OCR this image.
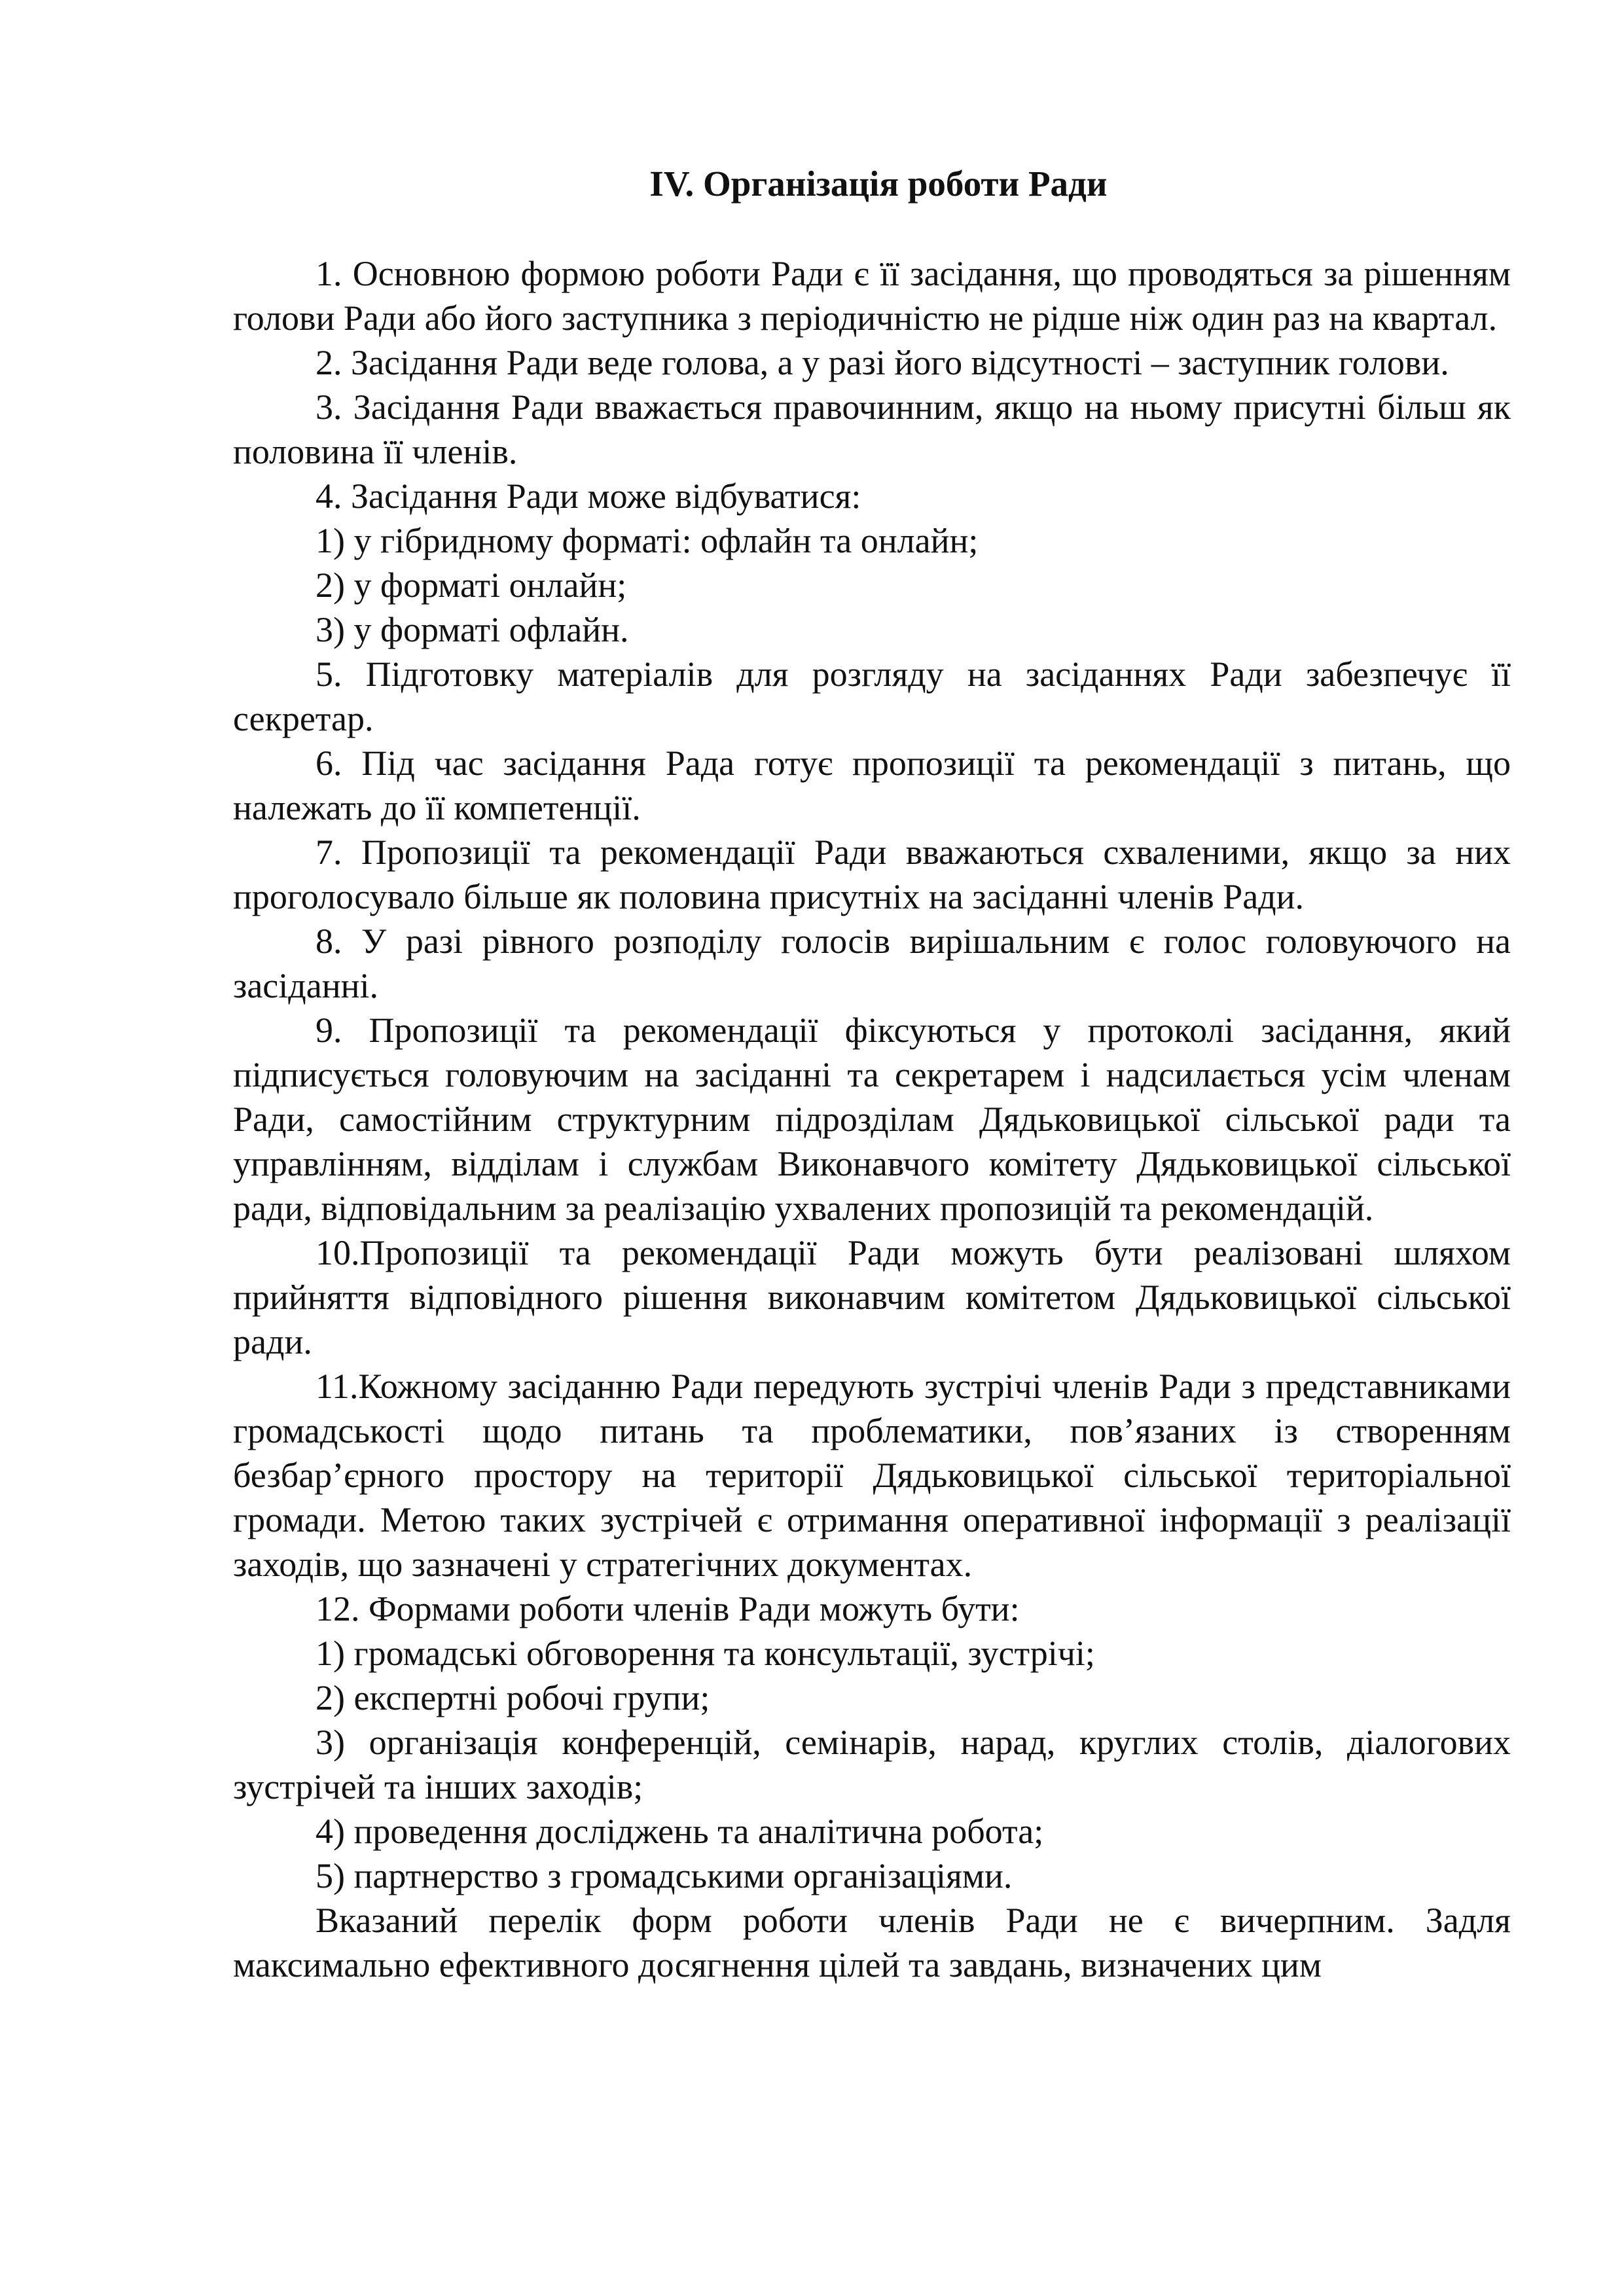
IV. Організація роботи Ради

1. Основною формою роботи Ради є її засідання, що проводяться за рішенням голови Ради або його заступника з періодичністю не рідше ніж один раз на квартал.

2. Засідання Ради веде голова, а у разі його відсутності – заступник голови.

3. Засідання Ради вважається правочинним, якщо на ньому присутні більш як половина її членів.

4. Засідання Ради може відбуватися:

1) у гібридному форматі: офлайн та онлайн;

2) у форматі онлайн;

3) у форматі офлайн.

5. Підготовку матеріалів для розгляду на засіданнях Ради забезпечує її секретар.

6. Під час засідання Рада готує пропозиції та рекомендації з питань, що належать до її компетенції.

7. Пропозиції та рекомендації Ради вважаються схваленими, якщо за них проголосувало більше як половина присутніх на засіданні членів Ради.

8. У разі рівного розподілу голосів вирішальним є голос головуючого на засіданні.

9. Пропозиції та рекомендації фіксуються у протоколі засідання, який підписується головуючим на засіданні та секретарем і надсилається усім членам Ради, самостійним структурним підрозділам Дядьковицької сільської ради та управлінням, відділам і службам Виконавчого комітету Дядьковицької сільської ради, відповідальним за реалізацію ухвалених пропозицій та рекомендацій.

10.Пропозиції та рекомендації Ради можуть бути реалізовані шляхом прийняття відповідного рішення виконавчим комітетом Дядьковицької сільської ради.

11.Кожному засіданню Ради передують зустрічі членів Ради з представниками громадськості щодо питань та проблематики, пов’язаних із створенням безбар’єрного простору на території Дядьковицької сільської територіальної громади. Метою таких зустрічей є отримання оперативної інформації з реалізації заходів, що зазначені у стратегічних документах.

12. Формами роботи членів Ради можуть бути:

1) громадські обговорення та консультації, зустрічі;

2) експертні робочі групи;

3) організація конференцій, семінарів, нарад, круглих столів, діалогових зустрічей та інших заходів;

4) проведення досліджень та аналітична робота;

5) партнерство з громадськими організаціями.

Вказаний перелік форм роботи членів Ради не є вичерпним. Задля максимально ефективного досягнення цілей та завдань, визначених цим
